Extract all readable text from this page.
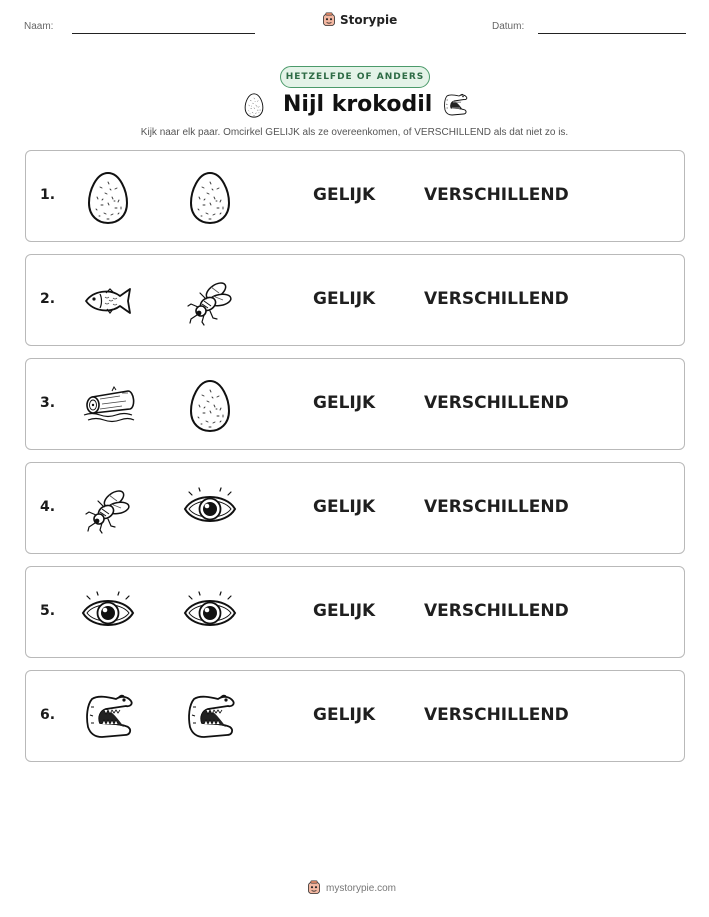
Naam:	Storypie	Datum:
HETZELFDE OF ANDERS
Nijl krokodil
Kijk naar elk paar. Omcirkel GELIJK als ze overeenkomen, of VERSCHILLEND als dat niet zo is.
1.	GELIJK	VERSCHILLEND
2.	GELIJK	VERSCHILLEND
3.	GELIJK	VERSCHILLEND
4.	GELIJK	VERSCHILLEND
5.	GELIJK	VERSCHILLEND
6.	GELIJK	VERSCHILLEND
mystorypie.com
